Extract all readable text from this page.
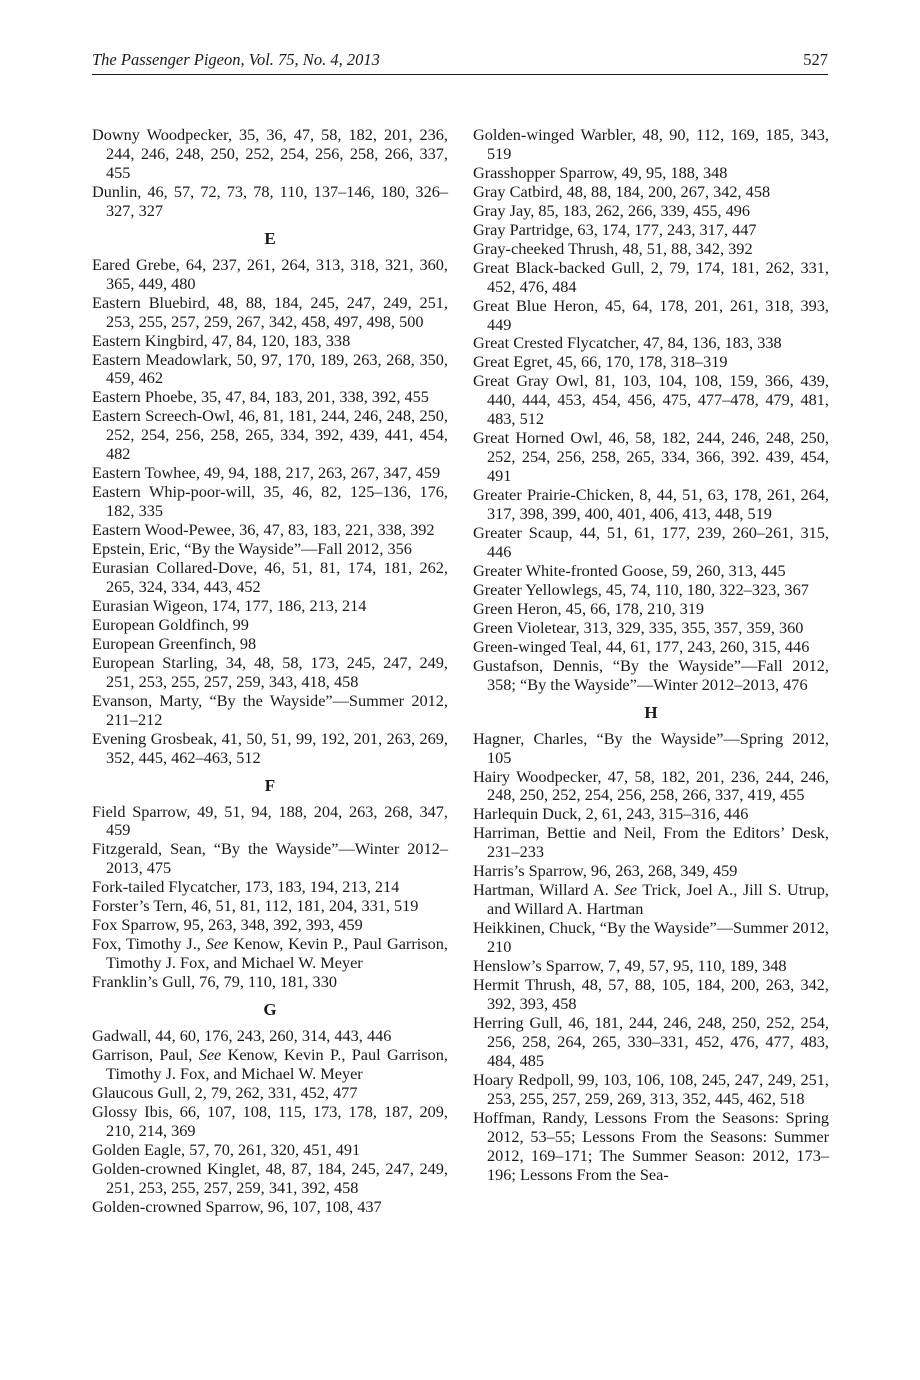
The Passenger Pigeon, Vol. 75, No. 4, 2013	527
Downy Woodpecker, 35, 36, 47, 58, 182, 201, 236, 244, 246, 248, 250, 252, 254, 256, 258, 266, 337, 455
Dunlin, 46, 57, 72, 73, 78, 110, 137–146, 180, 326–327, 327
E
Eared Grebe, 64, 237, 261, 264, 313, 318, 321, 360, 365, 449, 480
Eastern Bluebird, 48, 88, 184, 245, 247, 249, 251, 253, 255, 257, 259, 267, 342, 458, 497, 498, 500
Eastern Kingbird, 47, 84, 120, 183, 338
Eastern Meadowlark, 50, 97, 170, 189, 263, 268, 350, 459, 462
Eastern Phoebe, 35, 47, 84, 183, 201, 338, 392, 455
Eastern Screech-Owl, 46, 81, 181, 244, 246, 248, 250, 252, 254, 256, 258, 265, 334, 392, 439, 441, 454, 482
Eastern Towhee, 49, 94, 188, 217, 263, 267, 347, 459
Eastern Whip-poor-will, 35, 46, 82, 125–136, 176, 182, 335
Eastern Wood-Pewee, 36, 47, 83, 183, 221, 338, 392
Epstein, Eric, “By the Wayside”—Fall 2012, 356
Eurasian Collared-Dove, 46, 51, 81, 174, 181, 262, 265, 324, 334, 443, 452
Eurasian Wigeon, 174, 177, 186, 213, 214
European Goldfinch, 99
European Greenfinch, 98
European Starling, 34, 48, 58, 173, 245, 247, 249, 251, 253, 255, 257, 259, 343, 418, 458
Evanson, Marty, “By the Wayside”—Summer 2012, 211–212
Evening Grosbeak, 41, 50, 51, 99, 192, 201, 263, 269, 352, 445, 462–463, 512
F
Field Sparrow, 49, 51, 94, 188, 204, 263, 268, 347, 459
Fitzgerald, Sean, “By the Wayside”—Winter 2012–2013, 475
Fork-tailed Flycatcher, 173, 183, 194, 213, 214
Forster’s Tern, 46, 51, 81, 112, 181, 204, 331, 519
Fox Sparrow, 95, 263, 348, 392, 393, 459
Fox, Timothy J., See Kenow, Kevin P., Paul Garrison, Timothy J. Fox, and Michael W. Meyer
Franklin’s Gull, 76, 79, 110, 181, 330
G
Gadwall, 44, 60, 176, 243, 260, 314, 443, 446
Garrison, Paul, See Kenow, Kevin P., Paul Garrison, Timothy J. Fox, and Michael W. Meyer
Glaucous Gull, 2, 79, 262, 331, 452, 477
Glossy Ibis, 66, 107, 108, 115, 173, 178, 187, 209, 210, 214, 369
Golden Eagle, 57, 70, 261, 320, 451, 491
Golden-crowned Kinglet, 48, 87, 184, 245, 247, 249, 251, 253, 255, 257, 259, 341, 392, 458
Golden-crowned Sparrow, 96, 107, 108, 437
Golden-winged Warbler, 48, 90, 112, 169, 185, 343, 519
Grasshopper Sparrow, 49, 95, 188, 348
Gray Catbird, 48, 88, 184, 200, 267, 342, 458
Gray Jay, 85, 183, 262, 266, 339, 455, 496
Gray Partridge, 63, 174, 177, 243, 317, 447
Gray-cheeked Thrush, 48, 51, 88, 342, 392
Great Black-backed Gull, 2, 79, 174, 181, 262, 331, 452, 476, 484
Great Blue Heron, 45, 64, 178, 201, 261, 318, 393, 449
Great Crested Flycatcher, 47, 84, 136, 183, 338
Great Egret, 45, 66, 170, 178, 318–319
Great Gray Owl, 81, 103, 104, 108, 159, 366, 439, 440, 444, 453, 454, 456, 475, 477–478, 479, 481, 483, 512
Great Horned Owl, 46, 58, 182, 244, 246, 248, 250, 252, 254, 256, 258, 265, 334, 366, 392. 439, 454, 491
Greater Prairie-Chicken, 8, 44, 51, 63, 178, 261, 264, 317, 398, 399, 400, 401, 406, 413, 448, 519
Greater Scaup, 44, 51, 61, 177, 239, 260–261, 315, 446
Greater White-fronted Goose, 59, 260, 313, 445
Greater Yellowlegs, 45, 74, 110, 180, 322–323, 367
Green Heron, 45, 66, 178, 210, 319
Green Violetear, 313, 329, 335, 355, 357, 359, 360
Green-winged Teal, 44, 61, 177, 243, 260, 315, 446
Gustafson, Dennis, “By the Wayside”—Fall 2012, 358; “By the Wayside”—Winter 2012–2013, 476
H
Hagner, Charles, “By the Wayside”—Spring 2012, 105
Hairy Woodpecker, 47, 58, 182, 201, 236, 244, 246, 248, 250, 252, 254, 256, 258, 266, 337, 419, 455
Harlequin Duck, 2, 61, 243, 315–316, 446
Harriman, Bettie and Neil, From the Editors’ Desk, 231–233
Harris’s Sparrow, 96, 263, 268, 349, 459
Hartman, Willard A. See Trick, Joel A., Jill S. Utrup, and Willard A. Hartman
Heikkinen, Chuck, “By the Wayside”—Summer 2012, 210
Henslow’s Sparrow, 7, 49, 57, 95, 110, 189, 348
Hermit Thrush, 48, 57, 88, 105, 184, 200, 263, 342, 392, 393, 458
Herring Gull, 46, 181, 244, 246, 248, 250, 252, 254, 256, 258, 264, 265, 330–331, 452, 476, 477, 483, 484, 485
Hoary Redpoll, 99, 103, 106, 108, 245, 247, 249, 251, 253, 255, 257, 259, 269, 313, 352, 445, 462, 518
Hoffman, Randy, Lessons From the Seasons: Spring 2012, 53–55; Lessons From the Seasons: Summer 2012, 169–171; The Summer Season: 2012, 173–196; Lessons From the Sea-
